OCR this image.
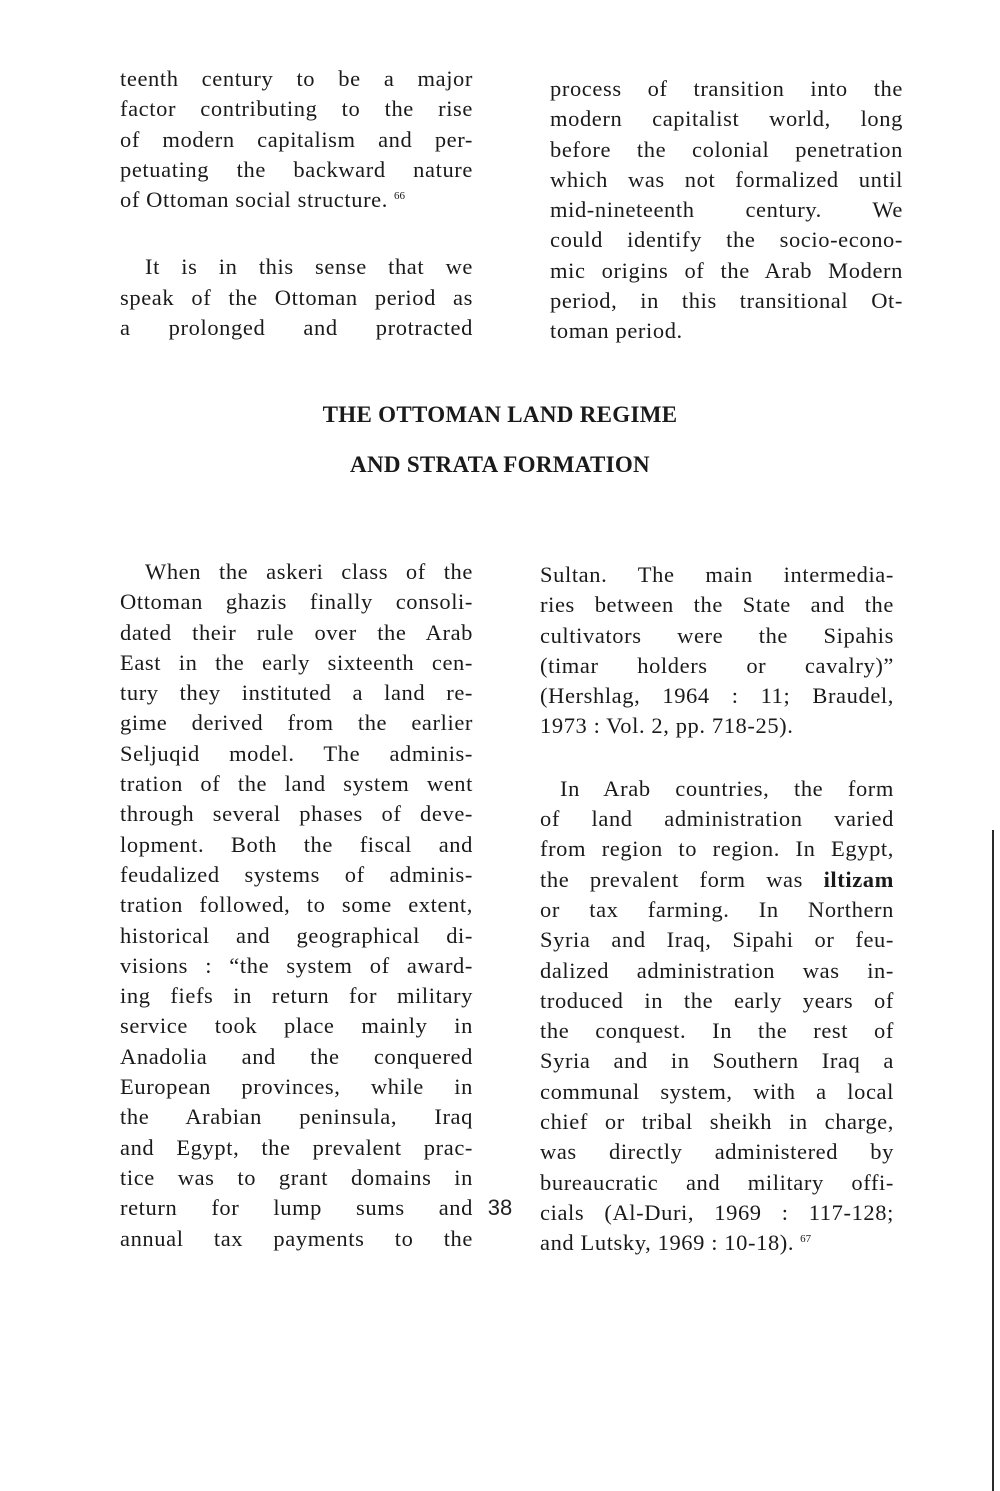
teenth century to be a major
factor contributing to the rise
of modern capitalism and per-
petuating the backward nature
of Ottoman social structure. $^{66}$
It is in this sense that we
speak of the Ottoman period as
a prolonged and protracted
process of transition into the
modern capitalist world, long
before the colonial penetration
which was not formalized until
mid-nineteenth century. We
could identify the socio-econo-
mic origins of the Arab Modern
period, in this transitional Ot-
toman period.
THE OTTOMAN LAND REGIME
AND STRATA FORMATION
When the askeri class of the
Ottoman ghazis finally consoli-
dated their rule over the Arab
East in the early sixteenth cen-
tury they instituted a land re-
gime derived from the earlier
Seljuqid model. The adminis-
tration of the land system went
through several phases of deve-
lopment. Both the fiscal and
feudalized systems of adminis-
tration followed, to some extent,
historical and geographical di-
visions : “the system of award-
ing fiefs in return for military
service took place mainly in
Anadolia and the conquered
European provinces, while in
the Arabian peninsula, Iraq
and Egypt, the prevalent prac-
tice was to grant domains in
return for lump sums and
annual tax payments to the
Sultan. The main intermedia-
ries between the State and the
cultivators were the Sipahis
(timar holders or cavalry)”
(Hershlag, 1964 : 11; Braudel,
1973 : Vol. 2, pp. 718-25).
In Arab countries, the form
of land administration varied
from region to region. In Egypt,
the prevalent form was iltizam
or tax farming. In Northern
Syria and Iraq, Sipahi or feu-
dalized administration was in-
troduced in the early years of
the conquest. In the rest of
Syria and in Southern Iraq a
communal system, with a local
chief or tribal sheikh in charge,
was directly administered by
bureaucratic and military offi-
cials (Al-Duri, 1969 : 117-128;
and Lutsky, 1969 : 10-18). $^{67}$
38
